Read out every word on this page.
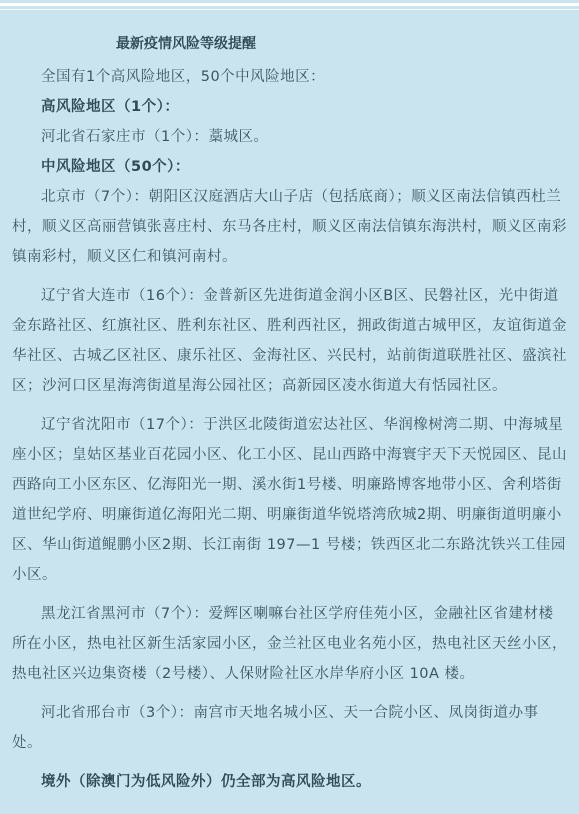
最新疫情风险等级提醒

全国有1个高风险地区，50个中风险地区：

高风险地区（1个）：

河北省石家庄市（1个）：藁城区。

中风险地区（50个）：

北京市（7个）：朝阳区汉庭酒店大山子店（包括底商）；顺义区南法信镇西杜兰村，顺义区高丽营镇张喜庄村、东马各庄村，顺义区南法信镇东海洪村，顺义区南彩镇南彩村，顺义区仁和镇河南村。

辽宁省大连市（16个）：金普新区先进街道金润小区B区、民磐社区，光中街道金东路社区、红旗社区、胜利东社区、胜利西社区，拥政街道古城甲区，友谊街道金华社区、古城乙区社区、康乐社区、金海社区、兴民村，站前街道联胜社区、盛滨社区；沙河口区星海湾街道星海公园社区；高新园区凌水街道大有恬园社区。

辽宁省沈阳市（17个）：于洪区北陵街道宏达社区、华润橡树湾二期、中海城星座小区；皇姑区基业百花园小区、化工小区、昆山西路中海寰宇天下天悦园区、昆山西路向工小区东区、亿海阳光一期、溪水街1号楼、明廉路博客地带小区、舍利塔街道世纪学府、明廉街道亿海阳光二期、明廉街道华锐塔湾欣城2期、明廉街道明廉小区、华山街道鲲鹏小区2期、长江南街 197—1 号楼；铁西区北二东路沈铁兴工佳园小区。

黑龙江省黑河市（7个）：爱辉区喇嘛台社区学府佳苑小区，金融社区省建材楼所在小区，热电社区新生活家园小区，金兰社区电业名苑小区，热电社区天丝小区，热电社区兴边集资楼（2号楼）、人保财险社区水岸华府小区 10A 楼。

河北省邢台市（3个）：南宫市天地名城小区、天一合院小区、凤岗街道办事处。

境外（除澳门为低风险外）仍全部为高风险地区。
